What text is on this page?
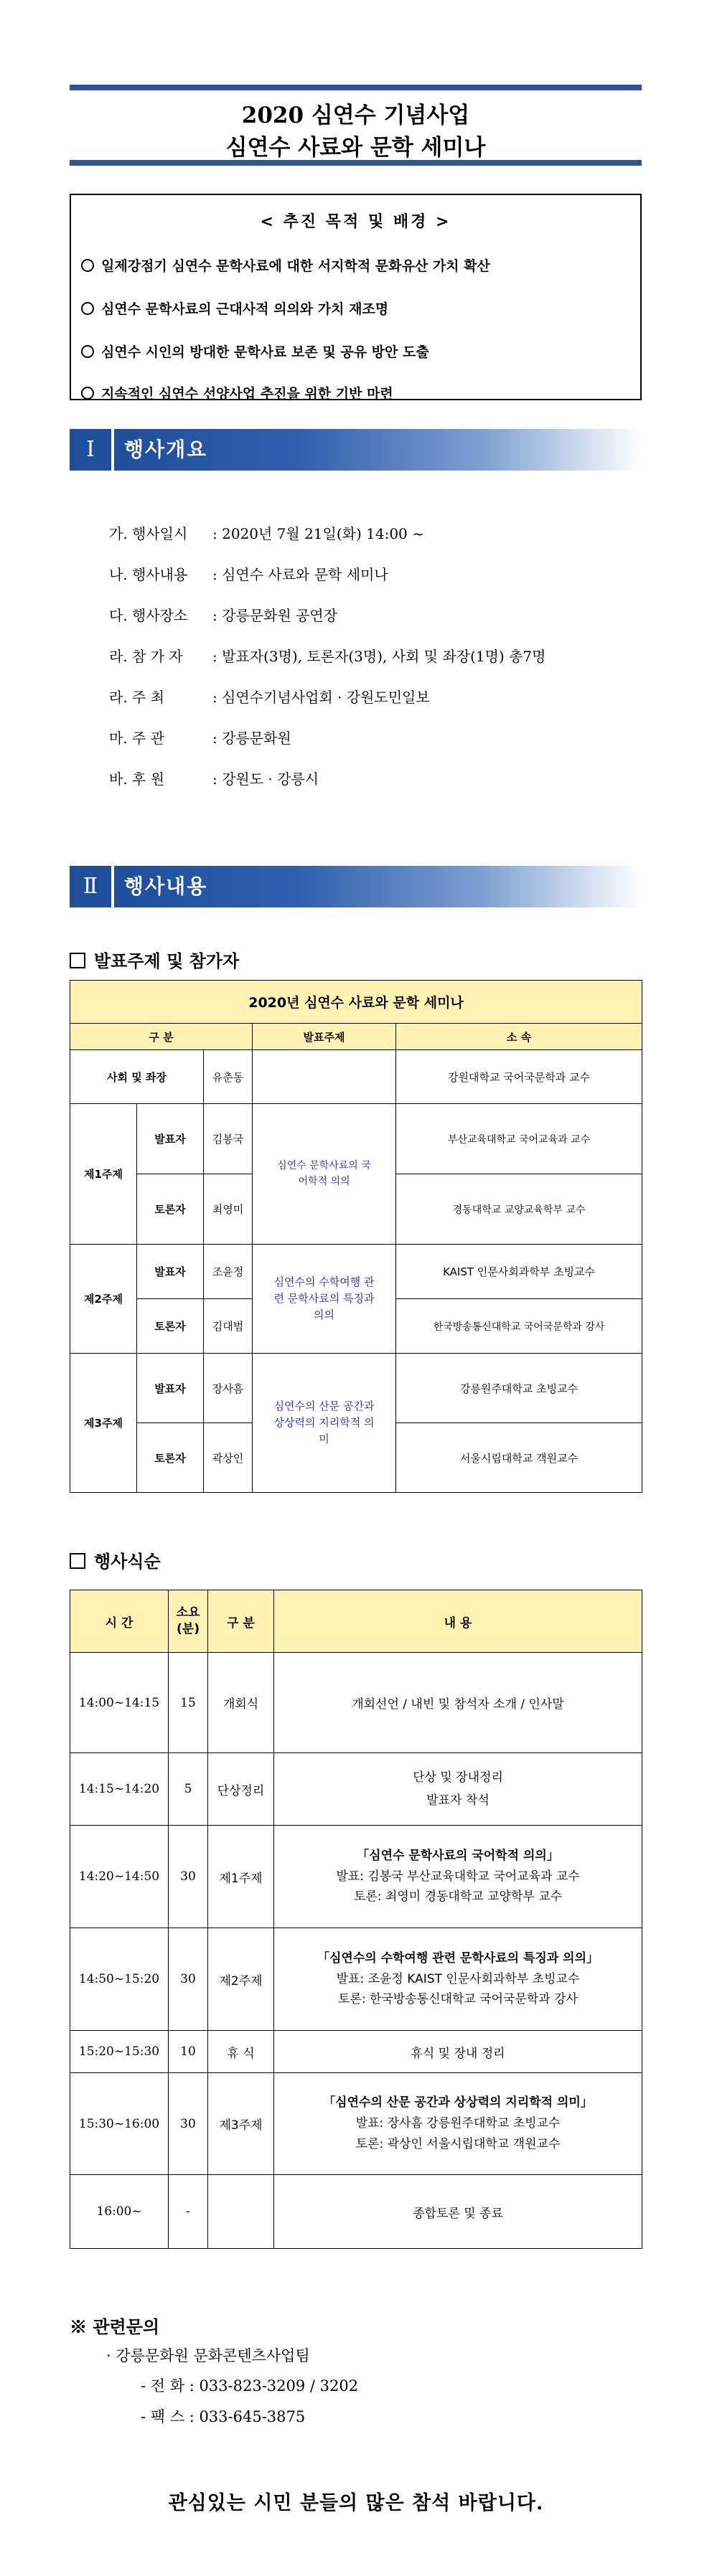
2020 심연수 기념사업
심연수 사료와 문학 세미나
< 추진 목적 및 배경 >
일제강점기 심연수 문학사료에 대한 서지학적 문화유산 가치 확산
심연수 문학사료의 근대사적 의의와 가치 재조명
심연수 시인의 방대한 문학사료 보존 및 공유 방안 도출
지속적인 심연수 선양사업 추진을 위한 기반 마련
Ⅰ	행사개요
가. 행사일시 : 2020년 7월 21일(화) 14:00 ~
나. 행사내용 : 심연수 사료와 문학 세미나
다. 행사장소 : 강릉문화원 공연장
라. 참 가 자 : 발표자(3명), 토론자(3명), 사회 및 좌장(1명) 총7명
라. 주 최	: 심연수기념사업회 · 강원도민일보
마. 주 관	: 강릉문화원
바. 후 원	: 강원도 · 강릉시
Ⅱ	행사내용
발표주제 및 참가자
2020년 심연수 사료와 문학 세미나				
구 분			발표주제	소 속
사회 및 좌장		유춘동		강원대학교 국어국문학과 교수
제1주제	발표자	김봉국	심연수 문학사료의 국어학적 의의	부산교육대학교 국어교육과 교수
	토론자	최영미		경동대학교 교양교육학부 교수
제2주제	발표자	조윤정	심연수의 수학여행 관련 문학사료의 특징과 의의	KAIST 인문사회과학부 초빙교수
	토론자	김대범		한국방송통신대학교 국어국문학과 강사
제3주제	발표자	장사흠	심연수의 산문 공간과 상상력의 지리학적 의미	강릉원주대학교 초빙교수
	토론자	곽상인		서울시립대학교 객원교수
행사식순
시 간	소요
(분)	구 분	내 용
14:00~14:15	15	개회식	개회선언 / 내빈 및 참석자 소개 / 인사말
14:15~14:20	5	단상정리	단상 및 장내정리
발표자 착석

14:20~14:50	30	제1주제	「심연수 문학사료의 국어학적 의의」
발표: 김봉국 부산교육대학교 국어교육과 교수
토론: 최영미 경동대학교 교양학부 교수

14:50~15:20	30	제2주제	「심연수의 수학여행 관련 문학사료의 특징과 의의」
발표: 조윤정 KAIST 인문사회과학부 초빙교수
토론: 한국방송통신대학교 국어국문학과 강사

15:20~15:30	10	휴 식	휴식 및 장내 정리
15:30~16:00	30	제3주제	「심연수의 산문 공간과 상상력의 지리학적 의미」
발표: 장사흠 강릉원주대학교 초빙교수
토론: 곽상인 서울시립대학교 객원교수

16:00~	-		종합토론 및 종료
※ 관련문의
· 강릉문화원 문화콘텐츠사업팀
- 전 화 : 033-823-3209 / 3202
- 팩 스 : 033-645-3875
관심있는 시민 분들의 많은 참석 바랍니다.
